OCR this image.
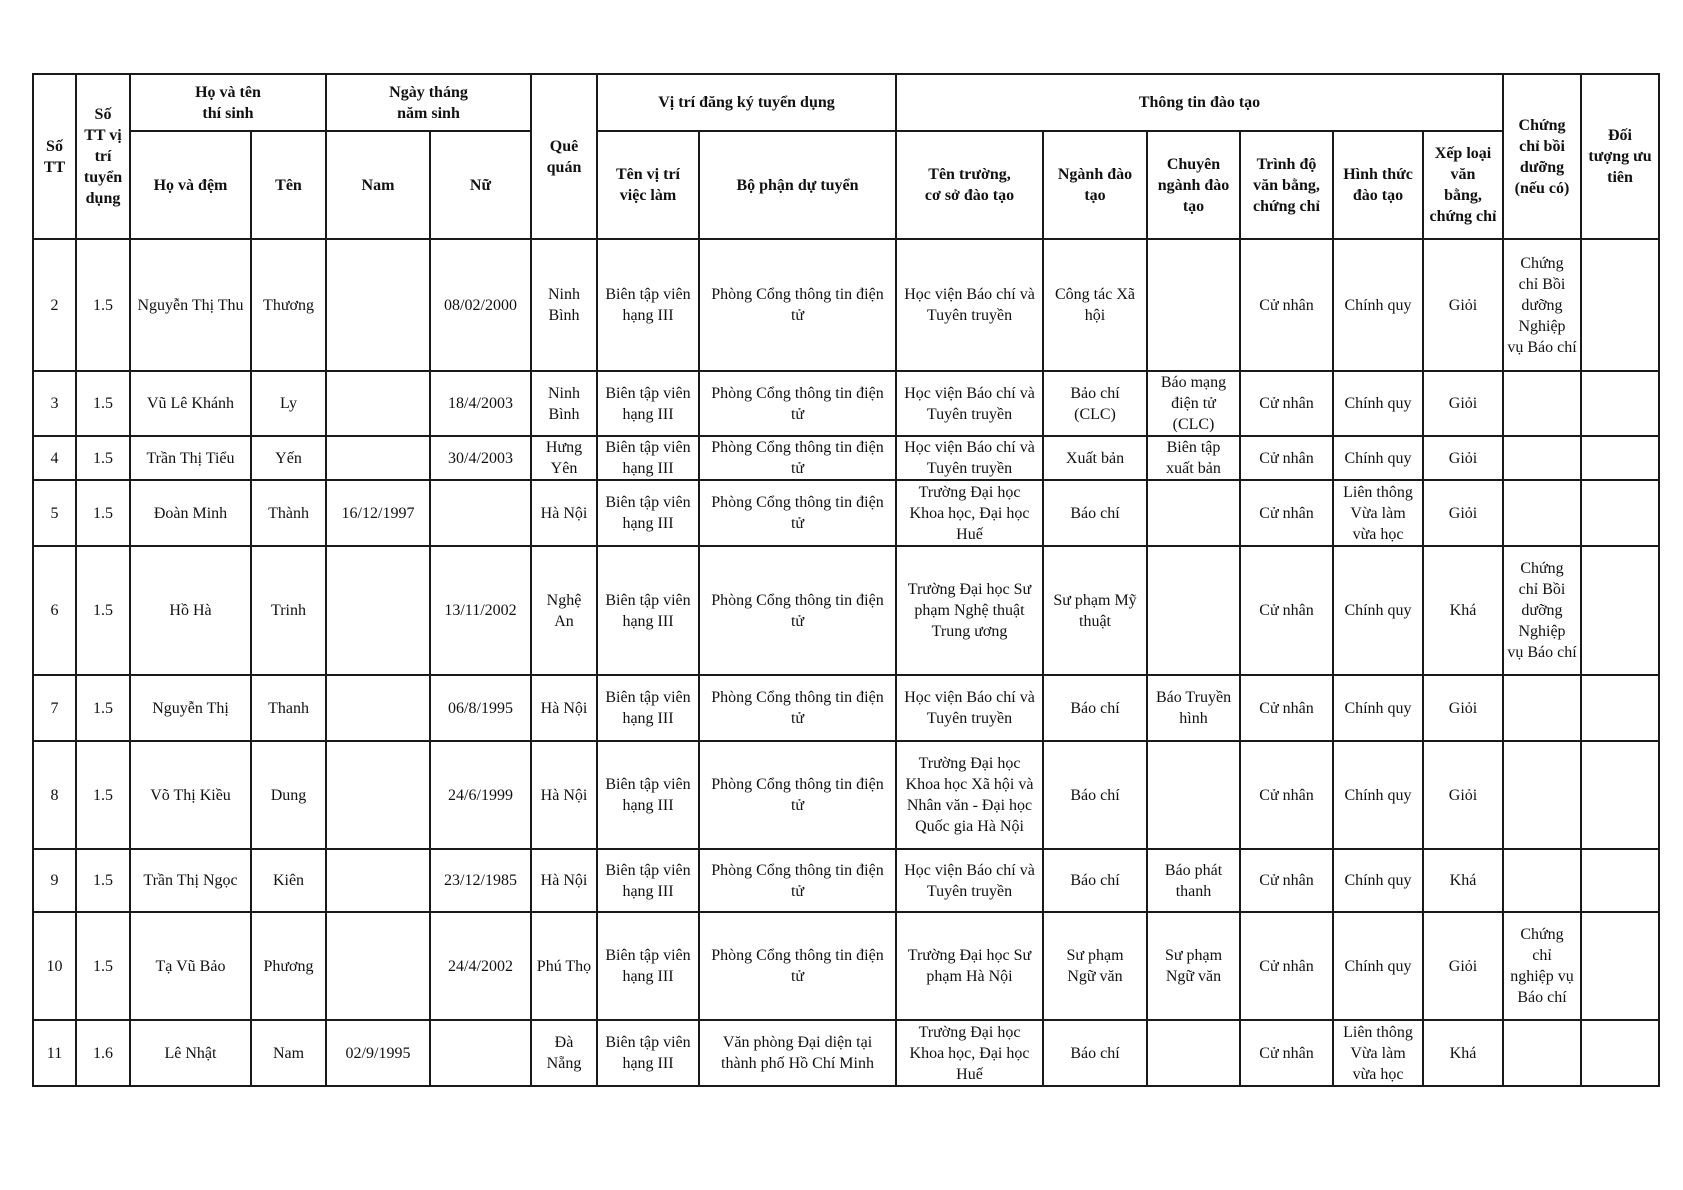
Số
TT	Số
TT vị
trí
tuyển
dụng	Họ và tên
thí sinh		Ngày tháng
năm sinh		Quê
quán	Vị trí đăng ký tuyển dụng		Thông tin đào tạo						Chứng
chỉ bồi
dưỡng
(nếu có)	Đối
tượng ưu
tiên
		Họ và đệm	Tên	Nam	Nữ		Tên vị trí
việc làm	Bộ phận dự tuyển	Tên trường,
cơ sở đào tạo	Ngành đào
tạo	Chuyên
ngành đào
tạo	Trình độ
văn bằng,
chứng chỉ	Hình thức
đào tạo	Xếp loại
văn
bằng,
chứng chỉ		
2	1.5	Nguyễn Thị Thu	Thương		08/02/2000	Ninh
Bình	Biên tập viên
hạng III	Phòng Cổng thông tin điện
tử	Học viện Báo chí và
Tuyên truyền	Công tác Xã
hội		Cử nhân	Chính quy	Giỏi	Chứng
chỉ Bồi
dưỡng
Nghiệp
vụ Báo chí	
3	1.5	Vũ Lê Khánh	Ly		18/4/2003	Ninh
Bình	Biên tập viên
hạng III	Phòng Cổng thông tin điện
tử	Học viện Báo chí và
Tuyên truyền	Bảo chí
(CLC)	Báo mạng
điện tử
(CLC)	Cử nhân	Chính quy	Giỏi		
4	1.5	Trần Thị Tiểu	Yến		30/4/2003	Hưng
Yên	Biên tập viên
hạng III	Phòng Cổng thông tin điện
tử	Học viện Báo chí và
Tuyên truyền	Xuất bản	Biên tập
xuất bản	Cử nhân	Chính quy	Giỏi		
5	1.5	Đoàn Minh	Thành	16/12/1997		Hà Nội	Biên tập viên
hạng III	Phòng Cổng thông tin điện
tử	Trường Đại học
Khoa học, Đại học
Huế	Báo chí		Cử nhân	Liên thông
Vừa làm
vừa học	Giỏi		
6	1.5	Hồ Hà	Trinh		13/11/2002	Nghệ
An	Biên tập viên
hạng III	Phòng Cổng thông tin điện
tử	Trường Đại học Sư
phạm Nghệ thuật
Trung ương	Sư phạm Mỹ
thuật		Cử nhân	Chính quy	Khá	Chứng
chỉ Bồi
dưỡng
Nghiệp
vụ Báo chí	
7	1.5	Nguyễn Thị	Thanh		06/8/1995	Hà Nội	Biên tập viên
hạng III	Phòng Cổng thông tin điện
tử	Học viện Báo chí và
Tuyên truyền	Báo chí	Báo Truyền
hình	Cử nhân	Chính quy	Giỏi		
8	1.5	Võ Thị Kiều	Dung		24/6/1999	Hà Nội	Biên tập viên
hạng III	Phòng Cổng thông tin điện
tử	Trường Đại học
Khoa học Xã hội và
Nhân văn - Đại học
Quốc gia Hà Nội	Báo chí		Cử nhân	Chính quy	Giỏi		
9	1.5	Trần Thị Ngọc	Kiên		23/12/1985	Hà Nội	Biên tập viên
hạng III	Phòng Cổng thông tin điện
tử	Học viện Báo chí và
Tuyên truyền	Báo chí	Báo phát
thanh	Cử nhân	Chính quy	Khá		
10	1.5	Tạ Vũ Bảo	Phương		24/4/2002	Phú Thọ	Biên tập viên
hạng III	Phòng Cổng thông tin điện
tử	Trường Đại học Sư
phạm Hà Nội	Sư phạm
Ngữ văn	Sư phạm
Ngữ văn	Cử nhân	Chính quy	Giỏi	Chứng
chỉ
nghiệp vụ
Báo chí	
11	1.6	Lê Nhật	Nam	02/9/1995		Đà
Nẵng	Biên tập viên
hạng III	Văn phòng Đại diện tại
thành phố Hồ Chí Minh	Trường Đại học
Khoa học, Đại học
Huế	Báo chí		Cử nhân	Liên thông
Vừa làm
vừa học	Khá		
